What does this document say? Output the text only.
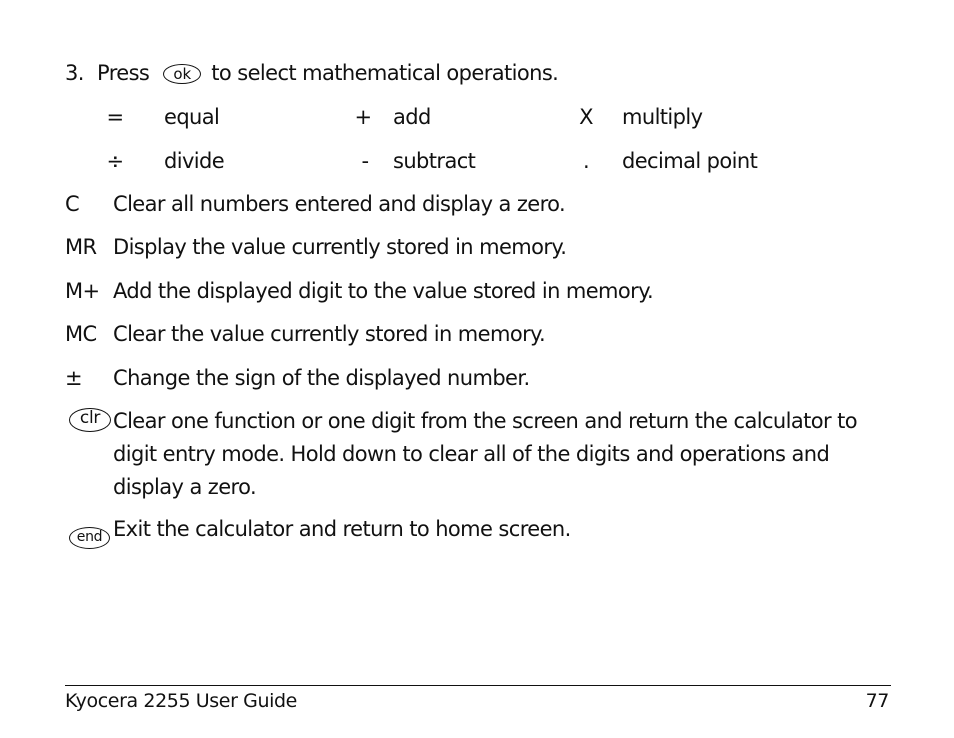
3. Press	ok to select mathematical operations.
= equal	+ add	X multiply
÷ divide	-	subtract	.	decimal point
C Clear all numbers entered and display a zero.
MR Display the value currently stored in memory.
M+ Add the displayed digit to the value stored in memory.
MC Clear the value currently stored in memory.
± Change the sign of the displayed number.
clr Clear one function or one digit from the screen and return the calculator to digit entry mode. Hold down to clear all of the digits and operations and display a zero.
end Exit the calculator and return to home screen.
Kyocera 2255 User Guide	77
